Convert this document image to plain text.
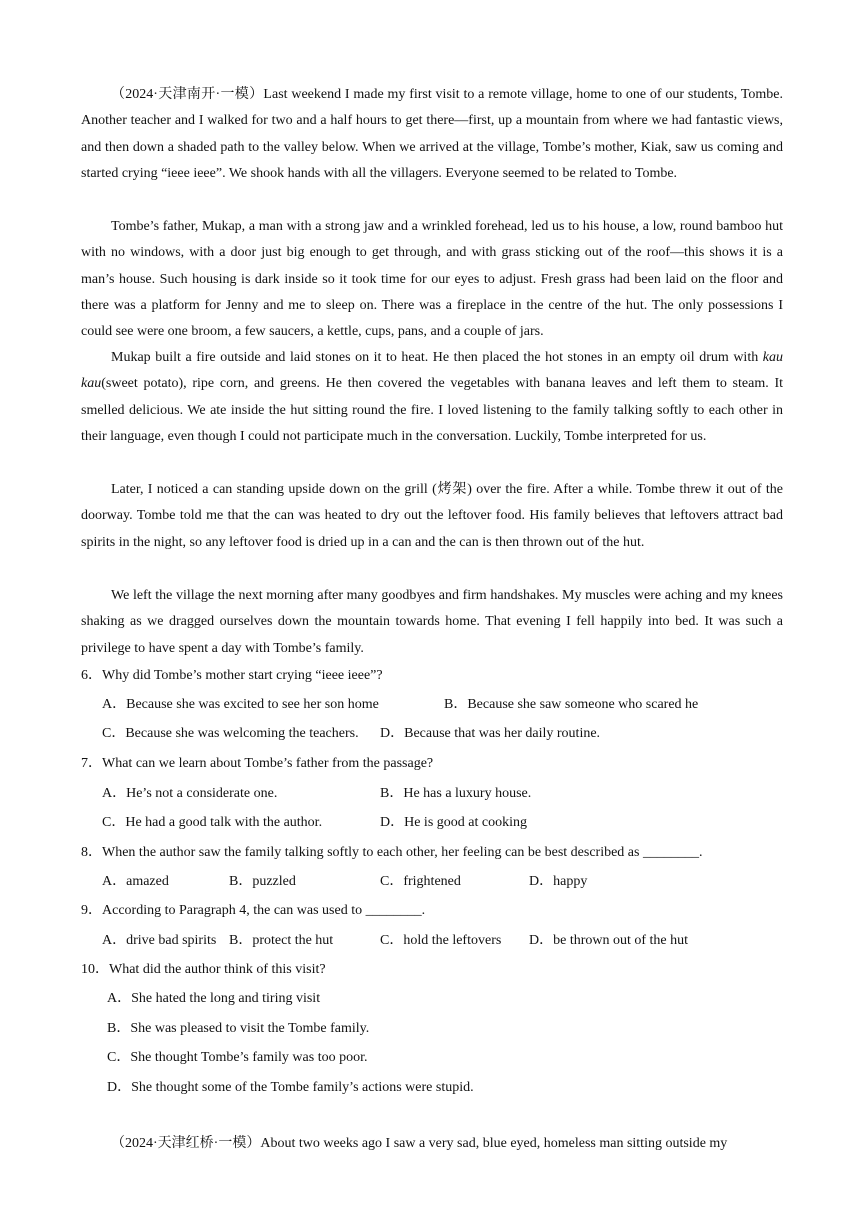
（2024·天津南开·一模）Last weekend I made my first visit to a remote village, home to one of our students, Tombe. Another teacher and I walked for two and a half hours to get there—first, up a mountain from where we had fantastic views, and then down a shaded path to the valley below. When we arrived at the village, Tombe’s mother, Kiak, saw us coming and started crying “ieee ieee”. We shook hands with all the villagers. Everyone seemed to be related to Tombe.

Tombe’s father, Mukap, a man with a strong jaw and a wrinkled forehead, led us to his house, a low, round bamboo hut with no windows, with a door just big enough to get through, and with grass sticking out of the roof—this shows it is a man’s house. Such housing is dark inside so it took time for our eyes to adjust. Fresh grass had been laid on the floor and there was a platform for Jenny and me to sleep on. There was a fireplace in the centre of the hut. The only possessions I could see were one broom, a few saucers, a kettle, cups, pans, and a couple of jars.

Mukap built a fire outside and laid stones on it to heat. He then placed the hot stones in an empty oil drum with kau kau(sweet potato), ripe corn, and greens. He then covered the vegetables with banana leaves and left them to steam. It smelled delicious. We ate inside the hut sitting round the fire. I loved listening to the family talking softly to each other in their language, even though I could not participate much in the conversation. Luckily, Tombe interpreted for us.

Later, I noticed a can standing upside down on the grill (烤架) over the fire. After a while. Tombe threw it out of the doorway. Tombe told me that the can was heated to dry out the leftover food. His family believes that leftovers attract bad spirits in the night, so any leftover food is dried up in a can and the can is then thrown out of the hut.

We left the village the next morning after many goodbyes and firm handshakes. My muscles were aching and my knees shaking as we dragged ourselves down the mountain towards home. That evening I fell happily into bed. It was such a privilege to have spent a day with Tombe’s family.

6．Why did Tombe’s mother start crying “ieee ieee”?
A．Because she was excited to see her son home	B．Because she saw someone who scared he
C．Because she was welcoming the teachers. D．Because that was her daily routine.
7．What can we learn about Tombe’s father from the passage?
A．He’s not a considerate one.	B．He has a luxury house.
C．He had a good talk with the author.	D．He is good at cooking
8．When the author saw the family talking softly to each other, her feeling can be best described as ________.
A．amazed	B．puzzled	C．frightened	D．happy
9．According to Paragraph 4, the can was used to ________.
A．drive bad spirits B．protect the hut	C．hold the leftovers D．be thrown out of the hut
10．What did the author think of this visit?
A．She hated the long and tiring visit
B．She was pleased to visit the Tombe family.
C．She thought Tombe’s family was too poor.
D．She thought some of the Tombe family’s actions were stupid.

（2024·天津红桥·一模）About two weeks ago I saw a very sad, blue eyed, homeless man sitting outside my
